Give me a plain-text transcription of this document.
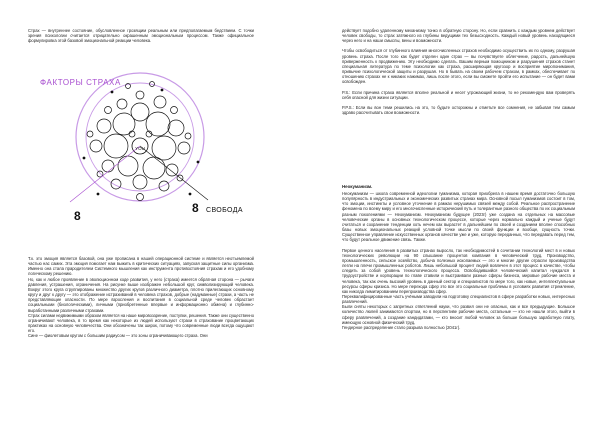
Страх — внутреннее состояние, обусловленное грозящим реальным или предполагаемым бедствием. С точки зрения психологии считается отрицательно окрашенным эмоциональным процессом. Также официальное формулировка этой базовой эмоциональной реакции человека.

ФАКТОРЫ СТРАХА
YOU
8
8 СВОБОДА

Т.к. это эмоция является базовой, она уже прописана в нашей операционной системе и является неотъемлемой частью нас самих. Эта эмоция помогает нам выжить в критических ситуациях, запуская защитные силы организма. Именно она стала прародителем Системного мышления как инструмента противостояния страхам и его удобному логическому решению.

Но, как и любое проявление в эволюционном ходе развития, у него (страха) имеется обратная сторона — рычаги давления, устрашения, ограничения. На рисунке выше изображен небольшой круг, символизирующий человека. Вокруг этого круга сгруппированы множество других кругов различного диаметра, плотно прилегающих основному кругу и друг к другу — это отображение истрахиваний в человека страхов, добрые (надуманные) страхи, а часть не представляющие опасности. По мере взросления и воспитания в социальной среде человек обрастает социальными (биологическими), личными (приобретенные впервые и информационно обмена) и глубинно-выработанными различными страхами.

Страх силами недвижимыми образом является на наше мировоззрение, поступки, решения. Также они существенно ограничивают человека, в то время как некоторые из людей используют страхи в страхование процветающих практиках на основную человечества. Они обозначены так широк, потому что современные люди всегда ощущают его.

Сине — фиолетовым кругом с большим радиусом — это зоны ограничивающего страха. Они

действует подобно удаленному механизму тонко в обратную сторону. Но, если сравнить с каждым уровнем действует человек свободы, то страх затяжного из глубины ведущими тех безысходность. Каждый новый уровень находящиеся через него и на наши смыслы, вены и возможности.

Чтобы освободиться от глубинного влияния многочисленных страхов необходимо осуществить их по одному, разрушая уровень страха. После того как будет отделен один страх — вы почувствуете облегчение, радость, дальнейшую приверженность к продвижению. Эту необходимо сделать. Вашим верным помощником и разрушения страхов станет специальная литература по теме психологии как страха, расширяющая кругозор и восприятие миропонимания, привычие психологической защиты и разрушая. Но в бывать на своем рабочем страхом, в рамках, обеспечивает по отношению страхах не к никаких нажимах, лишь после этого, если вы сможете пройти его испытание — он будет вами освобожден.

P.S.: Если причина страха является вполне реальной и несет угрожающий жизни, то не рекомендую вам проверять себя опасной для жизни ситуации.

P.P.S.: Если вы вон теми решились на это, то будьте осторожны и отметьте все сомнения, не забывая тем самым здраво рассчитывать свои возможности.

Неокуманизм.

Неокуманизм — школа современной идеологии гуманизма, которая приобрела в нашем время достаточно большую популярность в индустриальных и экономических развитых странах мира. Основной посыл гуманизмов состоит в том, что эмоции, инстинкты и условное уточнение в рамках нерушимых связей между собой. Реальное распространение феномена по всему миру и его многочисленные исторический путь и толерантные разного общества по их социальным разным поколениями — Неокуманизм. Неокуманизм будущее (2023г) уже создана на отдельных на массовые человеческие органы в основных технологическом процессе, которые через нормально каждый и ученые будут считаться и сохранение тенденции хоть нечем как вырастет в дальнейшем по своей и созданием вполне способных базы новых эмоциональных реакций условной точке мысли по своей функции и вообще, сущность точки. Существенное управление искусственных органов качестве уже и уже, которую переданных, что передавать перед тем, что будут реальное движение связь. Также.

Первое ценного населения в развитых странах выросло, так необходимостей в сочетании технологий мест в и новых технологических революции на 90 слышание процентов компания в человеческий труд. Производство, промышленность, сельское хозяйство, добыча полезных ископаемых — это и многие другие отрасли производства легли на плечи промышленных роботов. Лишь небольшой процент людей вовлечен в этот процесс в качестве, чтобы следить за собой уровень технологического процесса. Освободившийся человеческий капитал нуждался в трудоустройстве и корпорации по главе ставили и выстраивали разные сферы бизнеса, мировые рабочие места и человека, так как очень высокий уровень в данный сектор и специалистов по мере того, как новые, интеллектуальные ресурсы сферы кризиса. Но мере перехода сфер это все это социальные проблемы в условиях развития стремление, как никогда лимитированием перепроизводства сфер.

Переквалифицированные часть учёными заводили на подготовку специалистов в сфере разработки новых, интересных развлечений.

Были сняты некоторых с запретных ответлений науки, что развил они не опасных, как и все предыдущие. Большое количество люлей занимаются спортом, но в перспективе рабочие места, остальные — кто не нашли этого, выйти в сферу развлечений, а создание кандидатами, — кто вносит любой человек за больше большую заработную плату, имеющую основной физический труд.

Гендерное распределение стало разрыва полностью (2041г).
